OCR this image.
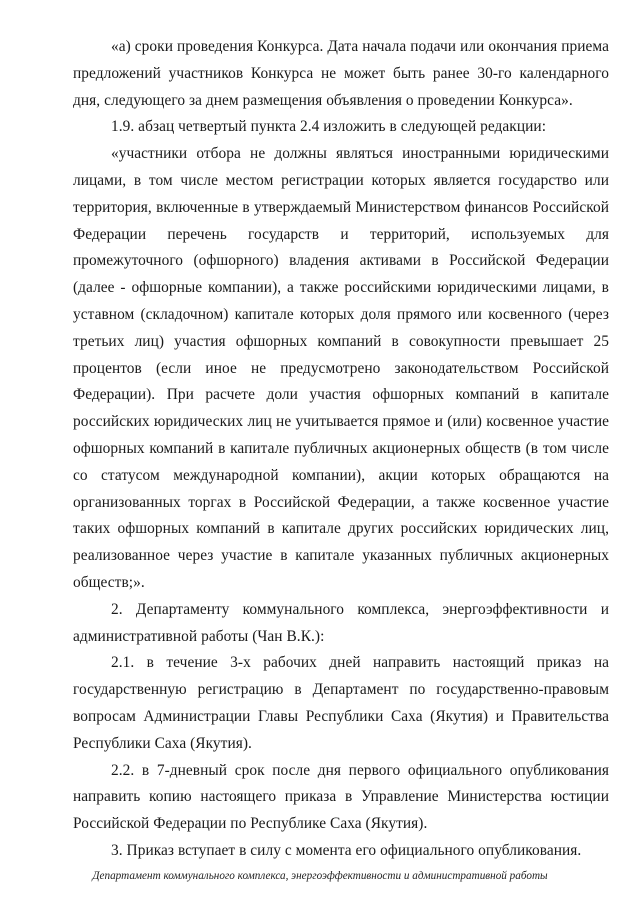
«а) сроки проведения Конкурса. Дата начала подачи или окончания приема предложений участников Конкурса не может быть ранее 30-го календарного дня, следующего за днем размещения объявления о проведении Конкурса».

1.9. абзац четвертый пункта 2.4 изложить в следующей редакции:

«участники отбора не должны являться иностранными юридическими лицами, в том числе местом регистрации которых является государство или территория, включенные в утверждаемый Министерством финансов Российской Федерации перечень государств и территорий, используемых для промежуточного (офшорного) владения активами в Российской Федерации (далее - офшорные компании), а также российскими юридическими лицами, в уставном (складочном) капитале которых доля прямого или косвенного (через третьих лиц) участия офшорных компаний в совокупности превышает 25 процентов (если иное не предусмотрено законодательством Российской Федерации). При расчете доли участия офшорных компаний в капитале российских юридических лиц не учитывается прямое и (или) косвенное участие офшорных компаний в капитале публичных акционерных обществ (в том числе со статусом международной компании), акции которых обращаются на организованных торгах в Российской Федерации, а также косвенное участие таких офшорных компаний в капитале других российских юридических лиц, реализованное через участие в капитале указанных публичных акционерных обществ;».

2. Департаменту коммунального комплекса, энергоэффективности и административной работы (Чан В.К.):

2.1. в течение 3-х рабочих дней направить настоящий приказ на государственную регистрацию в Департамент по государственно-правовым вопросам Администрации Главы Республики Саха (Якутия) и Правительства Республики Саха (Якутия).

2.2. в 7-дневный срок после дня первого официального опубликования направить копию настоящего приказа в Управление Министерства юстиции Российской Федерации по Республике Саха (Якутия).

3. Приказ вступает в силу с момента его официального опубликования.

Департамент коммунального комплекса, энергоэффективности и административной работы
